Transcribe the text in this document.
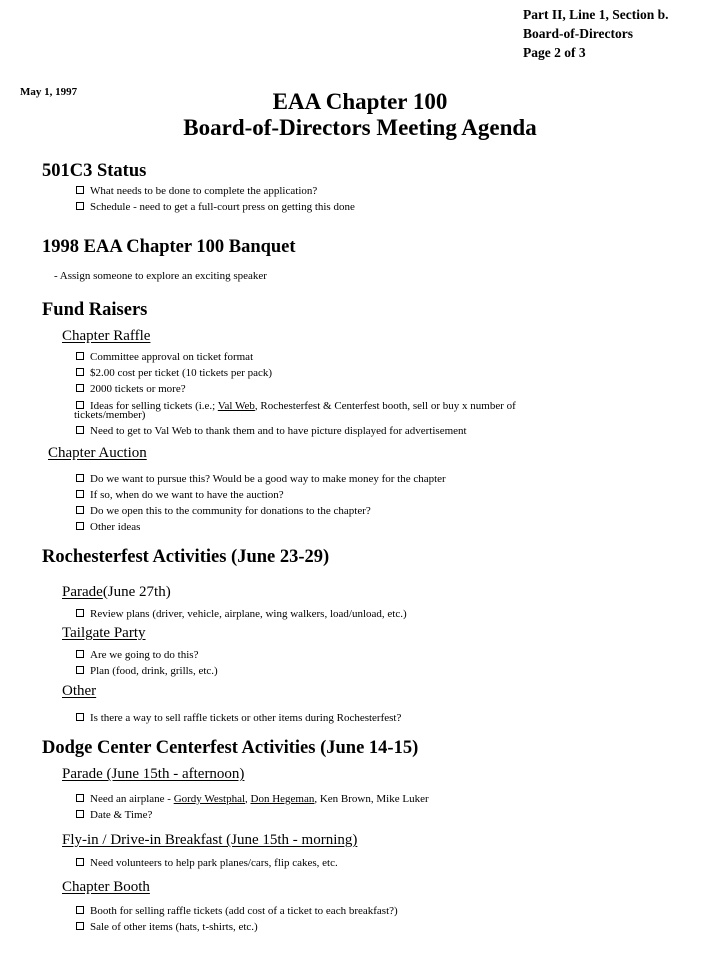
Part II, Line 1, Section b.
Board-of-Directors
Page 2 of 3
May 1, 1997	EAA Chapter 100
Board-of-Directors Meeting Agenda
501C3 Status
What needs to be done to complete the application?
Schedule - need to get a full-court press on getting this done
1998 EAA Chapter 100 Banquet
- Assign someone to explore an exciting speaker
Fund Raisers
Chapter Raffle
Committee approval on ticket format
$2.00 cost per ticket (10 tickets per pack)
2000 tickets or more?
Ideas for selling tickets (i.e.; Val Web, Rochesterfest & Centerfest booth, sell or buy x number of
tickets/member)
Need to get to Val Web to thank them and to have picture displayed for advertisement
Chapter Auction
Do we want to pursue this? Would be a good way to make money for the chapter
If so, when do we want to have the auction?
Do we open this to the community for donations to the chapter?
Other ideas
Rochesterfest Activities (June 23-29)
Parade(June 27th)
Review plans (driver, vehicle, airplane, wing walkers, load/unload, etc.)
Tailgate Party
Are we going to do this?
Plan (food, drink, grills, etc.)
Other
Is there a way to sell raffle tickets or other items during Rochesterfest?
Dodge Center Centerfest Activities (June 14-15)
Parade (June 15th - afternoon)
Need an airplane - Gordy Westphal, Don Hegeman, Ken Brown, Mike Luker
Date & Time?
Fly-in / Drive-in Breakfast (June 15th - morning)
Need volunteers to help park planes/cars, flip cakes, etc.
Chapter Booth
Booth for selling raffle tickets (add cost of a ticket to each breakfast?)
Sale of other items (hats, t-shirts, etc.)
